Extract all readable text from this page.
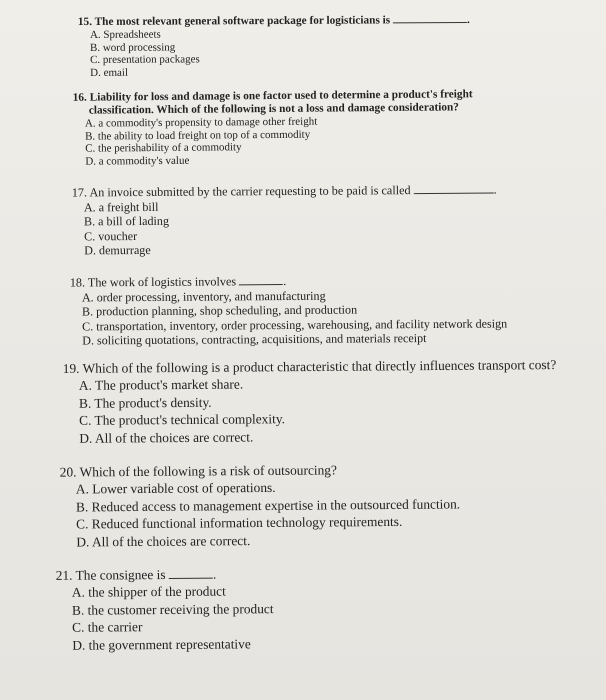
15. The most relevant general software package for logisticians is	.
A. Spreadsheets
B. word processing
C. presentation packages
D. email
16. Liability for loss and damage is one factor used to determine a product's freight
classification. Which of the following is not a loss and damage consideration?
A. a commodity's propensity to damage other freight
B. the ability to load freight on top of a commodity
C. the perishability of a commodity
D. a commodity's value
17. An invoice submitted by the carrier requesting to be paid is called	.
A. a freight bill
B. a bill of lading
C. voucher
D. demurrage
18. The work of logistics involves	.
A. order processing, inventory, and manufacturing
B. production planning, shop scheduling, and production
C. transportation, inventory, order processing, warehousing, and facility network design
D. soliciting quotations, contracting, acquisitions, and materials receipt
19. Which of the following is a product characteristic that directly influences transport cost?
A. The product's market share.
B. The product's density.
C. The product's technical complexity.
D. All of the choices are correct.
20. Which of the following is a risk of outsourcing?
A. Lower variable cost of operations.
B. Reduced access to management expertise in the outsourced function.
C. Reduced functional information technology requirements.
D. All of the choices are correct.
21. The consignee is	.
A. the shipper of the product
B. the customer receiving the product
C. the carrier
D. the government representative
